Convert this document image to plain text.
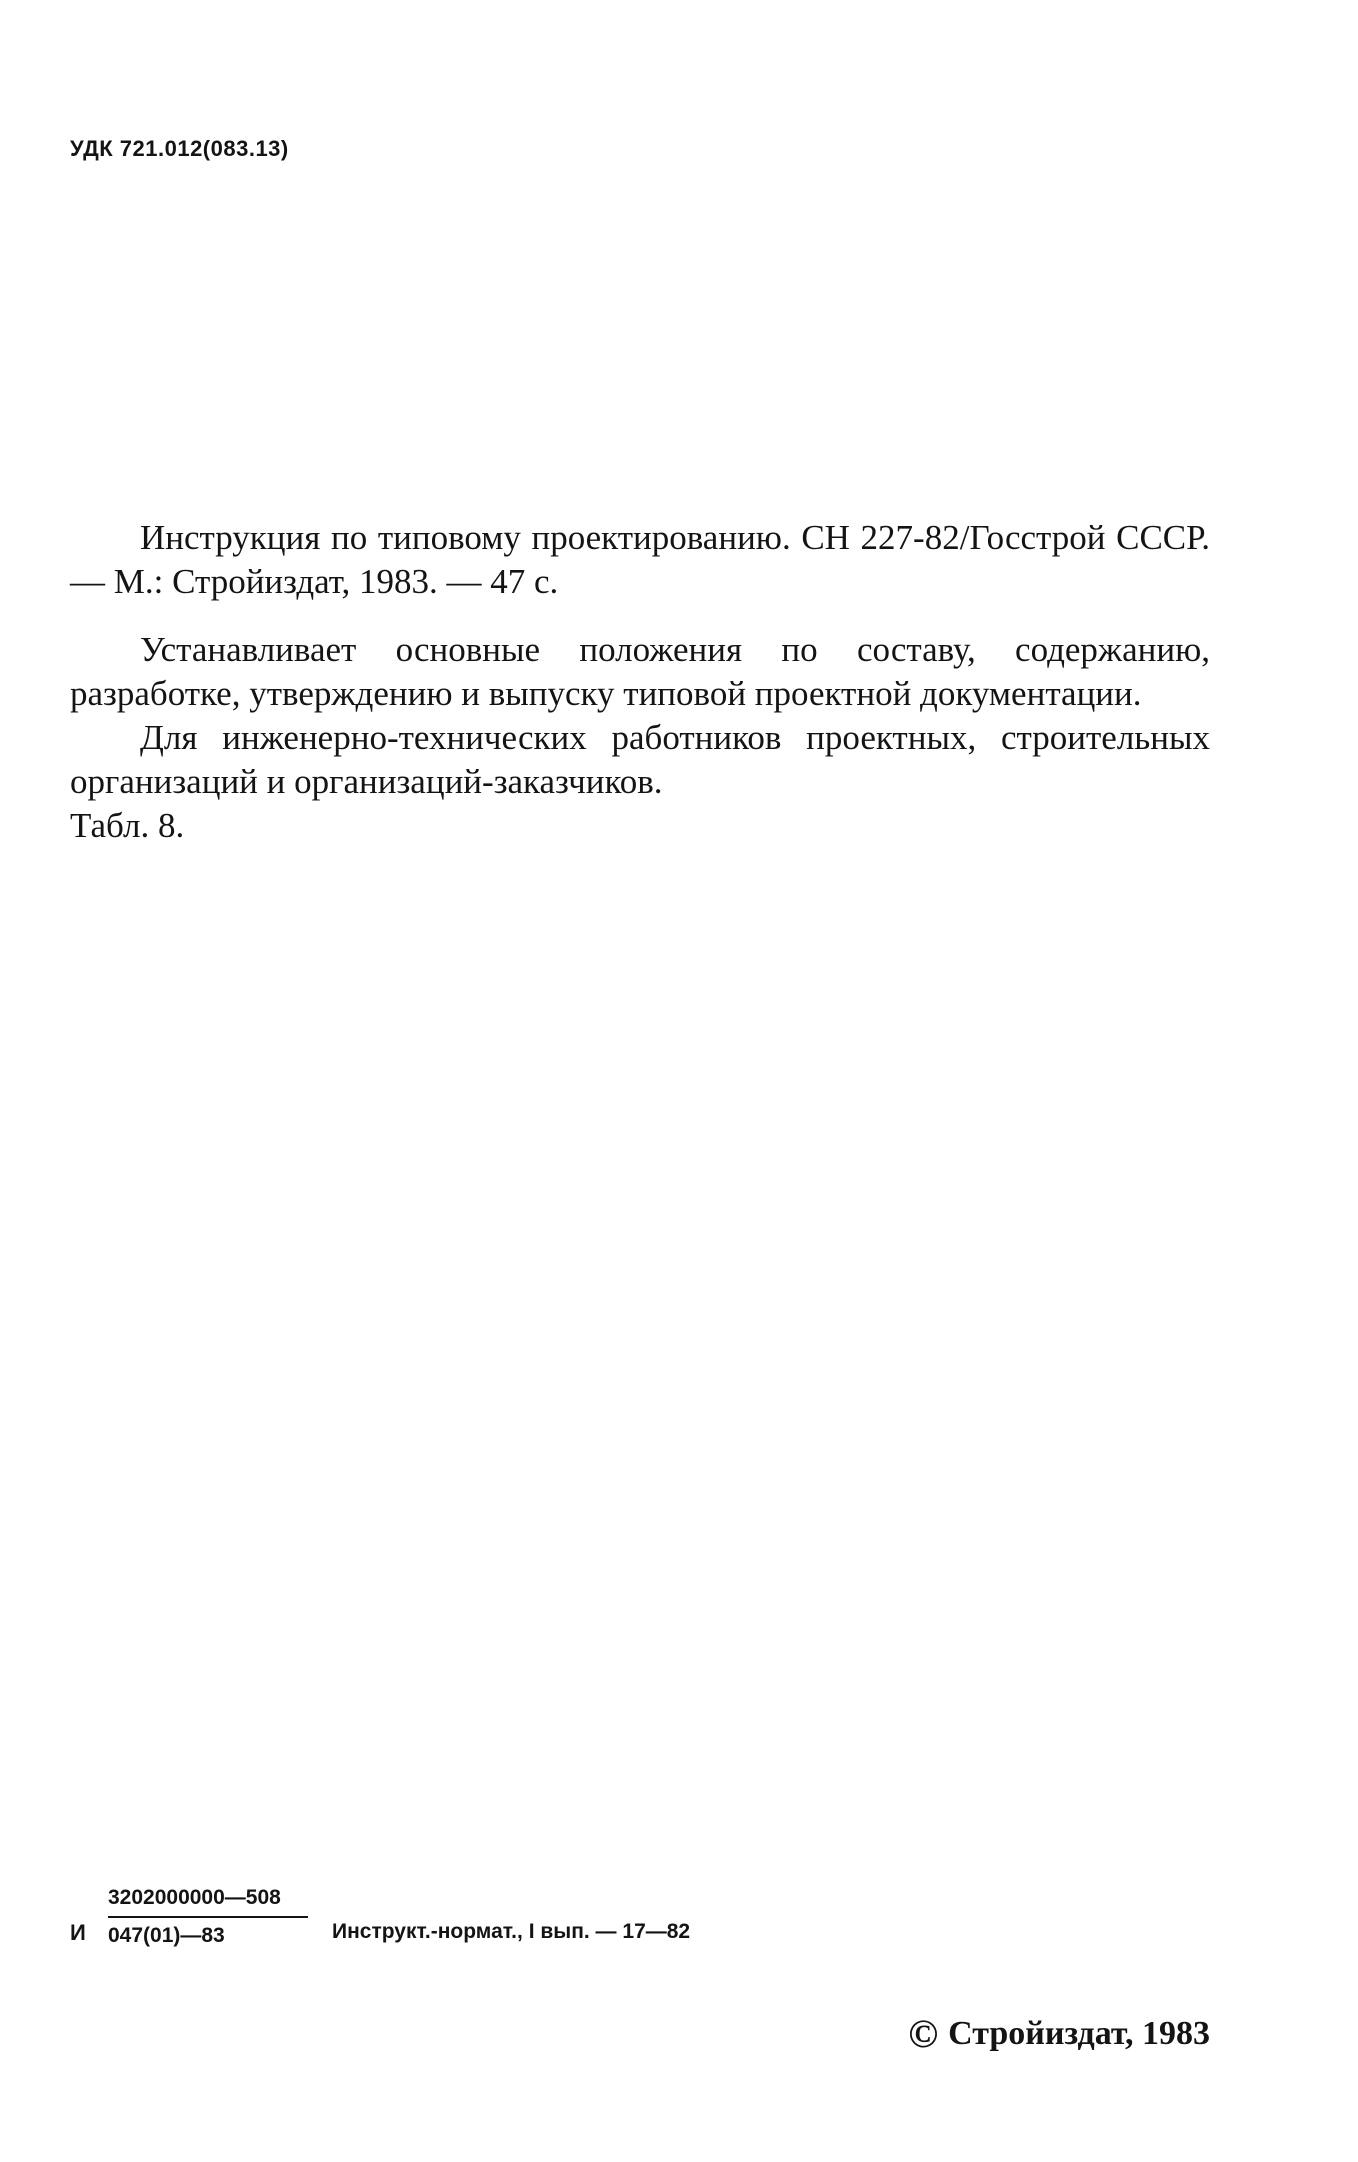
УДК 721.012(083.13)

Инструкция по типовому проектированию. СН 227-82/Госстрой СССР. — М.: Стройиздат, 1983. — 47 с.

Устанавливает основные положения по составу, содержанию, разработке, утверждению и выпуску типовой проектной документации.

Для инженерно-технических работников проектных, строительных организаций и организаций-заказчиков.

Табл. 8.

И
3202000000—508
047(01)—83	Инструкт.-нормат., I вып. — 17—82
© Стройиздат, 1983
